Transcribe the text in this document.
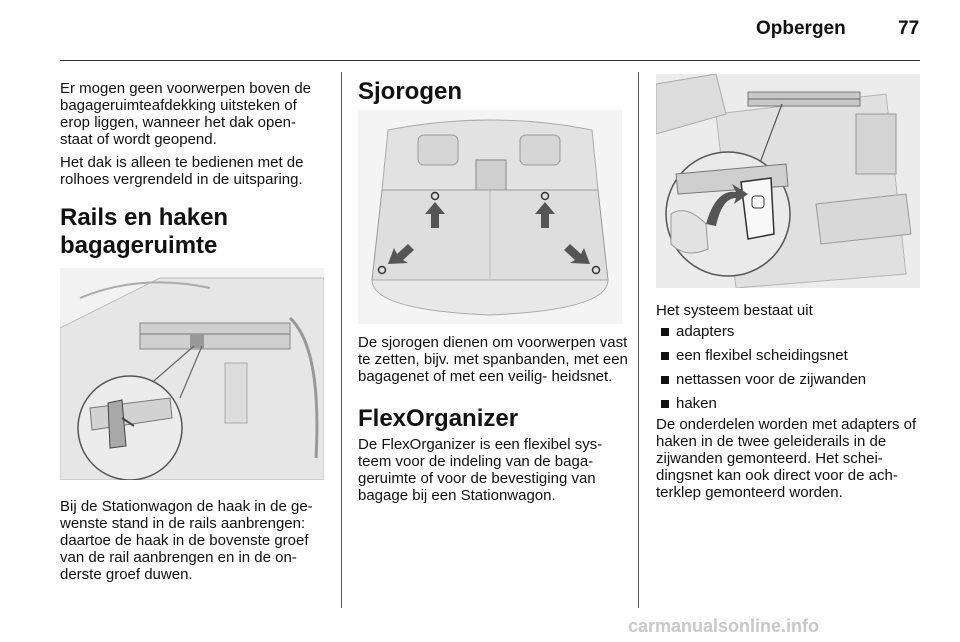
Opbergen	77

Er mogen geen voorwerpen boven de bagageruimteafdekking uitsteken of erop liggen, wanneer het dak open- staat of wordt geopend.

Het dak is alleen te bedienen met de rolhoes vergrendeld in de uitsparing.

Rails en haken
bagageruimte

Bij de Stationwagon de haak in de ge- wenste stand in de rails aanbrengen: daartoe de haak in de bovenste groef van de rail aanbrengen en in de on- derste groef duwen.

Sjorogen

De sjorogen dienen om voorwerpen vast te zetten, bijv. met spanbanden, met een bagagenet of met een veilig- heidsnet.

FlexOrganizer

De FlexOrganizer is een flexibel sys- teem voor de indeling van de baga- geruimte of voor de bevestiging van bagage bij een Stationwagon.

Het systeem bestaat uit

adapters
een flexibel scheidingsnet
nettassen voor de zijwanden
haken

De onderdelen worden met adapters of haken in de twee geleiderails in de zijwanden gemonteerd. Het schei- dingsnet kan ook direct voor de ach- terklep gemonteerd worden.

carmanualsonline.info
